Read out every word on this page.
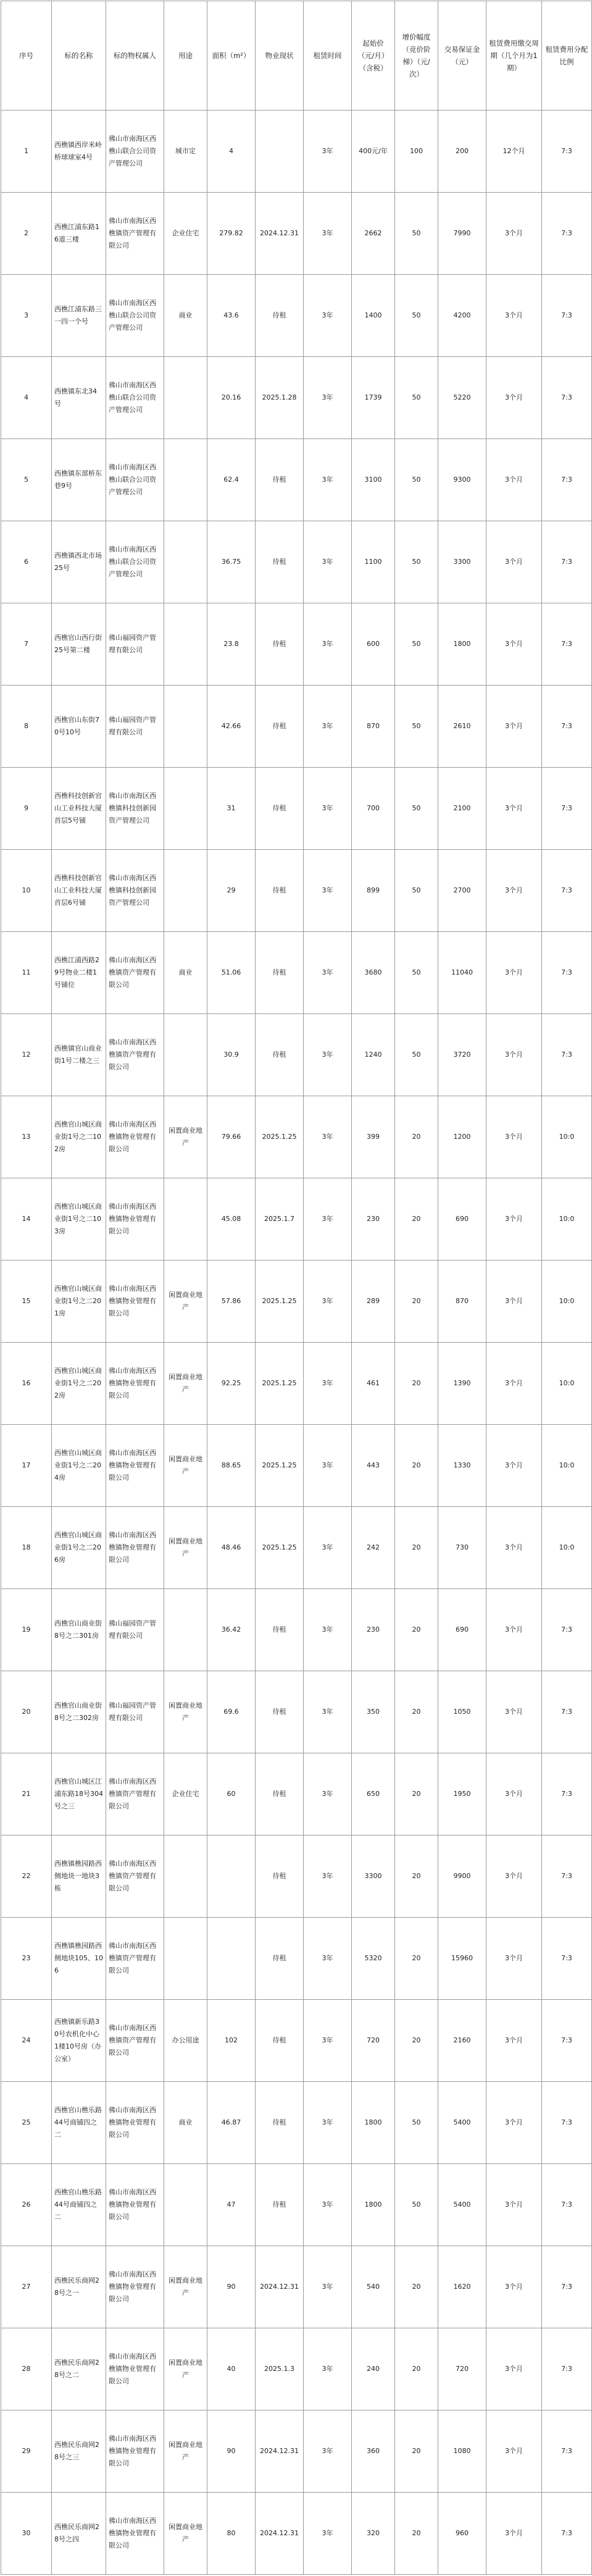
序号	标的名称	标的物权属人	用途	面积（m²）	物业现状	租赁时间	起始价（元/月）（含税）	增价幅度（竞价阶梯）（元/次）	交易保证金（元）	租赁费用缴交周期（几个月为1期）	租赁费用分配比例
1	西樵镇西岸米岭桥球球室4号	佛山市南海区西樵山联合公司资产管理公司	城市定	4		3年	400元/年	100	200	12个月	7:3
2	西樵江浦东路16道三楼	佛山市南海区西樵镇资产管理有限公司	企业住宅	279.82	2024.12.31	3年	2662	50	7990	3个月	7:3
3	西樵江浦东路三一四一个号	佛山市南海区西樵山联合公司资产管理公司	商业	43.6	待租	3年	1400	50	4200	3个月	7:3
4	西樵镇东北34号	佛山市南海区西樵山联合公司资产管理公司		20.16	2025.1.28	3年	1739	50	5220	3个月	7:3
5	西樵镇东部桥东巷9号	佛山市南海区西樵山联合公司资产管理公司		62.4	待租	3年	3100	50	9300	3个月	7:3
6	西樵镇西北市场25号	佛山市南海区西樵山联合公司资产管理公司		36.75	待租	3年	1100	50	3300	3个月	7:3
7	西樵官山西行街25号第二楼	佛山福园资产管理有限公司		23.8	待租	3年	600	50	1800	3个月	7:3
8	西樵官山东街70号10号	佛山福园资产管理有限公司		42.66	待租	3年	870	50	2610	3个月	7:3
9	西樵科技创新官山工业科技大厦首层5号铺	佛山市南海区西樵镇科技创新园资产管理公司		31	待租	3年	700	50	2100	3个月	7:3
10	西樵科技创新官山工业科技大厦首层6号铺	佛山市南海区西樵镇科技创新园资产管理公司		29	待租	3年	899	50	2700	3个月	7:3
11	西樵江浦西路29号物业二楼1号铺位	佛山市南海区西樵镇资产管理有限公司	商业	51.06	待租	3年	3680	50	11040	3个月	7:3
12	西樵镇官山商业街1号二楼之三	佛山市南海区西樵镇资产管理有限公司		30.9	待租	3年	1240	50	3720	3个月	7:3
13	西樵官山城区商业街1号之二102房	佛山市南海区西樵镇物业管理有限公司	闲置商业地产	79.66	2025.1.25	3年	399	20	1200	3个月	10:0
14	西樵官山城区商业街1号之二103房	佛山市南海区西樵镇物业管理有限公司		45.08	2025.1.7	3年	230	20	690	3个月	10:0
15	西樵官山城区商业街1号之二201房	佛山市南海区西樵镇物业管理有限公司	闲置商业地产	57.86	2025.1.25	3年	289	20	870	3个月	10:0
16	西樵官山城区商业街1号之二202房	佛山市南海区西樵镇物业管理有限公司	闲置商业地产	92.25	2025.1.25	3年	461	20	1390	3个月	10:0
17	西樵官山城区商业街1号之二204房	佛山市南海区西樵镇物业管理有限公司	闲置商业地产	88.65	2025.1.25	3年	443	20	1330	3个月	10:0
18	西樵官山城区商业街1号之二206房	佛山市南海区西樵镇物业管理有限公司	闲置商业地产	48.46	2025.1.25	3年	242	20	730	3个月	10:0
19	西樵官山商业街8号之二301房	佛山福园资产管理有限公司		36.42	待租	3年	230	20	690	3个月	7:3
20	西樵官山商业街8号之二302房	佛山福园资产管理有限公司	闲置商业地产	69.6	待租	3年	350	20	1050	3个月	7:3
21	西樵官山城区江浦东路18号304号之三	佛山市南海区西樵镇资产管理有限公司	企业住宅	60	待租	3年	650	20	1950	3个月	7:3
22	西樵镇樵园路西侧地块一地块3栋	佛山市南海区西樵镇资产管理有限公司			待租	3年	3300	20	9900	3个月	7:3
23	西樵镇樵园路西侧地块105、106	佛山市南海区西樵镇资产管理有限公司			待租	3年	5320	20	15960	3个月	7:3
24	西樵镇新乐路30号农机化中心1楼10号房（办公室）	佛山市南海区西樵镇资产管理有限公司	办公用途	102	待租	3年	720	20	2160	3个月	7:3
25	西樵官山樵乐路44号商铺四之二	佛山市南海区西樵镇物业管理有限公司	商业	46.87	待租	3年	1800	50	5400	3个月	7:3
26	西樵官山樵乐路44号商铺四之二	佛山市南海区西樵镇物业管理有限公司		47	待租	3年	1800	50	5400	3个月	7:3
27	西樵民乐商网28号之一	佛山市南海区西樵镇物业管理有限公司	闲置商业地产	90	2024.12.31	3年	540	20	1620	3个月	7:3
28	西樵民乐商网28号之二	佛山市南海区西樵镇物业管理有限公司	闲置商业地产	40	2025.1.3	3年	240	20	720	3个月	7:3
29	西樵民乐商网28号之三	佛山市南海区西樵镇物业管理有限公司	闲置商业地产	90	2024.12.31	3年	360	20	1080	3个月	7:3
30	西樵民乐商网28号之四	佛山市南海区西樵镇物业管理有限公司	闲置商业地产	80	2024.12.31	3年	320	20	960	3个月	7:3
